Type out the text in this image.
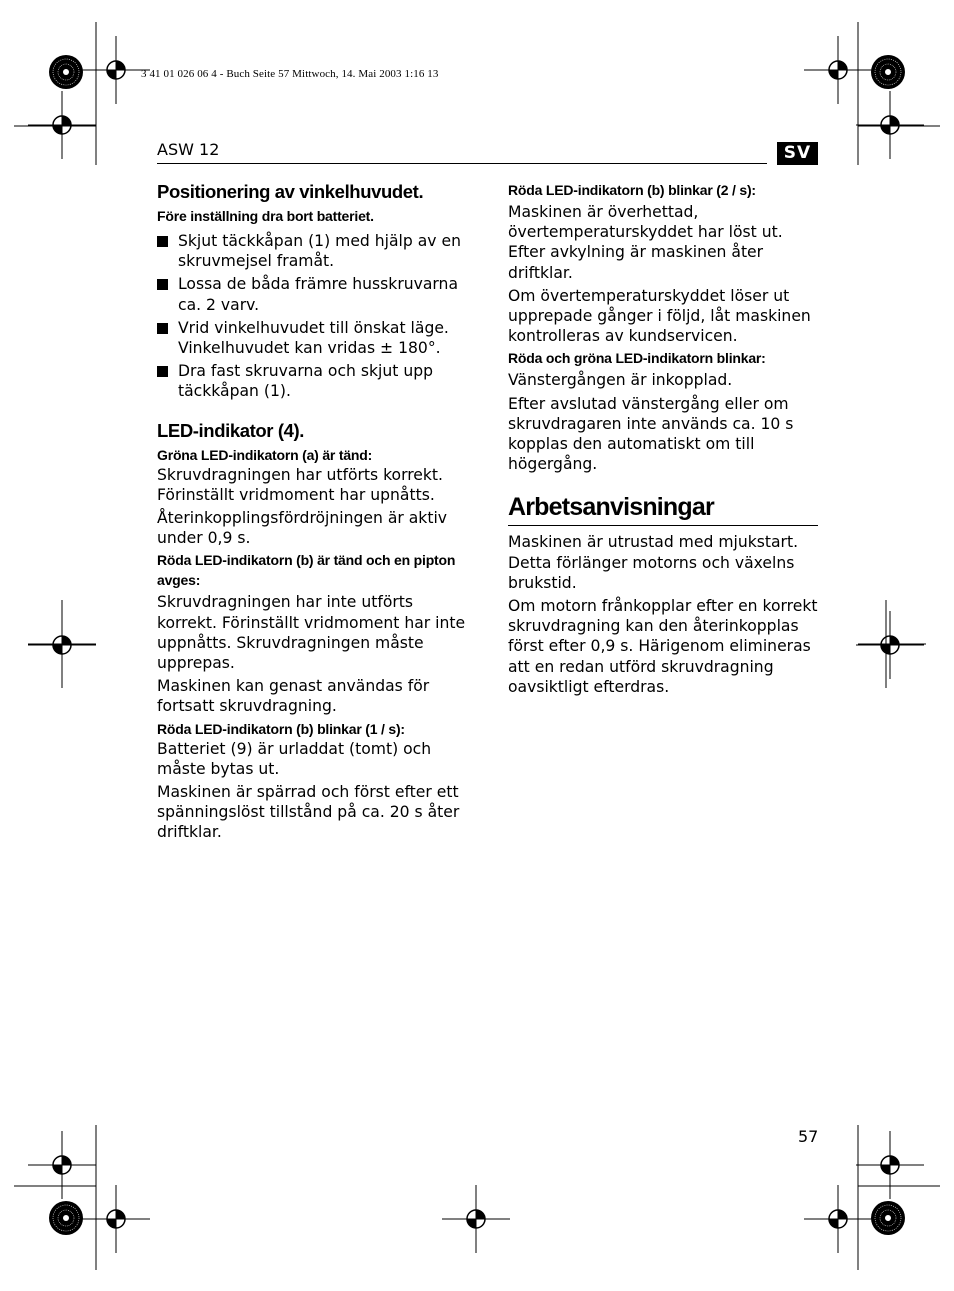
3 41 01 026 06 4 - Buch Seite 57 Mittwoch, 14. Mai 2003 1:16 13
ASW 12	SV
Positionering av vinkelhuvudet.
Före inställning dra bort batteriet.
Skjut täckkåpan (1) med hjälp av en skruvmejsel framåt.
Lossa de båda främre husskruvarna ca. 2 varv.
Vrid vinkelhuvudet till önskat läge. Vinkelhuvudet kan vridas ± 180°.
Dra fast skruvarna och skjut upp täckkåpan (1).
LED-indikator (4).
Gröna LED-indikatorn (a) är tänd:

Skruvdragningen har utförts korrekt. Förinställt vridmoment har upnåtts.

Återinkopplingsfördröjningen är aktiv under 0,9 s.

Röda LED-indikatorn (b) är tänd och en pipton avges:

Skruvdragningen har inte utförts korrekt. Förinställt vridmoment har inte uppnåtts. Skruvdragningen måste upprepas.

Maskinen kan genast användas för fortsatt skruvdragning.

Röda LED-indikatorn (b) blinkar (1 / s):

Batteriet (9) är urladdat (tomt) och måste bytas ut.

Maskinen är spärrad och först efter ett spänningslöst tillstånd på ca. 20 s åter driftklar.

Röda LED-indikatorn (b) blinkar (2 / s):

Maskinen är överhettad, övertemperaturskyddet har löst ut. Efter avkylning är maskinen åter driftklar.

Om övertemperaturskyddet löser ut upprepade gånger i följd, låt maskinen kontrolleras av kundservicen.

Röda och gröna LED-indikatorn blinkar:

Vänstergången är inkopplad.

Efter avslutad vänstergång eller om skruvdragaren inte används ca. 10 s kopplas den automatiskt om till högergång.

Arbetsanvisningar

Maskinen är utrustad med mjukstart. Detta förlänger motorns och växelns brukstid.

Om motorn frånkopplar efter en korrekt skruvdragning kan den återinkopplas först efter 0,9 s. Härigenom elimineras att en redan utförd skruvdragning oavsiktligt efterdras.

57
